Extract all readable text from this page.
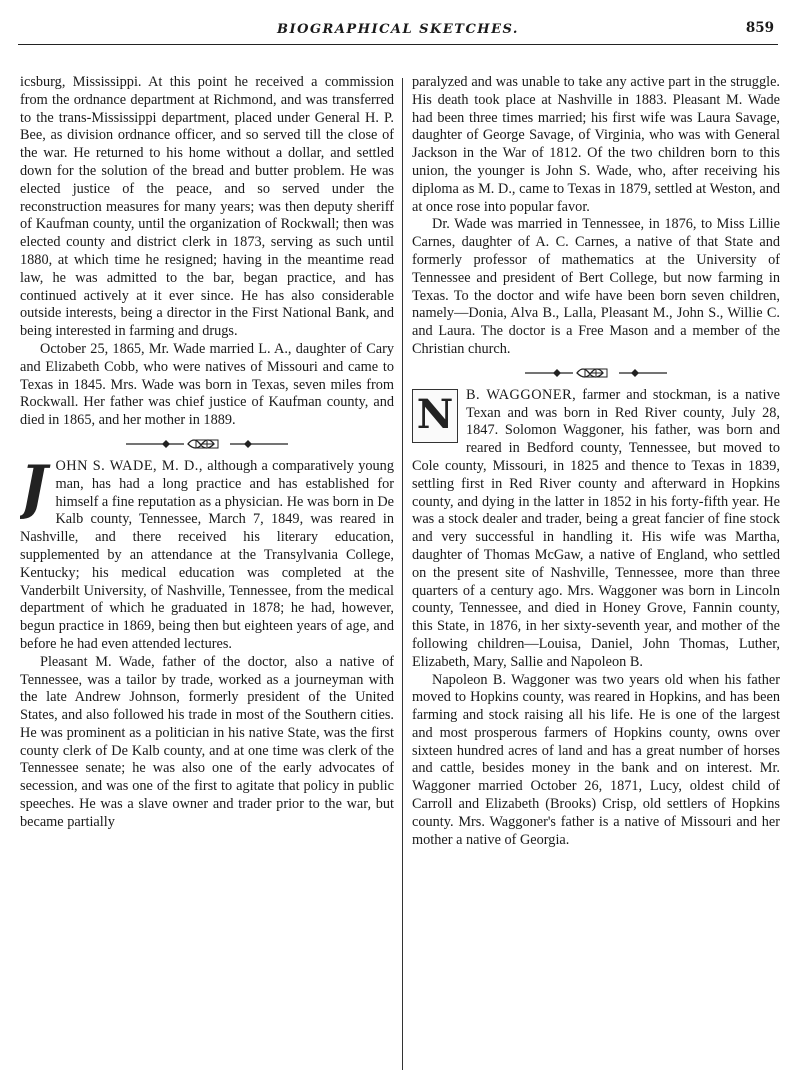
BIOGRAPHICAL SKETCHES.	859

icsburg, Mississippi. At this point he received a commission from the ordnance department at Richmond, and was transferred to the trans-Mississippi department, placed under General H. P. Bee, as division ordnance officer, and so served till the close of the war. He returned to his home without a dollar, and settled down for the solution of the bread and butter problem. He was elected justice of the peace, and so served under the reconstruction measures for many years; was then deputy sheriff of Kaufman county, until the organization of Rockwall; then was elected county and district clerk in 1873, serving as such until 1880, at which time he resigned; having in the meantime read law, he was admitted to the bar, began practice, and has continued actively at it ever since. He has also considerable outside interests, being a director in the First National Bank, and being interested in farming and drugs.

October 25, 1865, Mr. Wade married L. A., daughter of Cary and Elizabeth Cobb, who were natives of Missouri and came to Texas in 1845. Mrs. Wade was born in Texas, seven miles from Rockwall. Her father was chief justice of Kaufman county, and died in 1865, and her mother in 1889.

JOHN S. WADE, M. D., although a comparatively young man, has had a long practice and has established for himself a fine reputation as a physician. He was born in De Kalb county, Tennessee, March 7, 1849, was reared in Nashville, and there received his literary education, supplemented by an attendance at the Transylvania College, Kentucky; his medical education was completed at the Vanderbilt University, of Nashville, Tennessee, from the medical department of which he graduated in 1878; he had, however, begun practice in 1869, being then but eighteen years of age, and before he had even attended lectures.

Pleasant M. Wade, father of the doctor, also a native of Tennessee, was a tailor by trade, worked as a journeyman with the late Andrew Johnson, formerly president of the United States, and also followed his trade in most of the Southern cities. He was prominent as a politician in his native State, was the first county clerk of De Kalb county, and at one time was clerk of the Tennessee senate; he was also one of the early advocates of secession, and was one of the first to agitate that policy in public speeches. He was a slave owner and trader prior to the war, but became partially

paralyzed and was unable to take any active part in the struggle. His death took place at Nashville in 1883. Pleasant M. Wade had been three times married; his first wife was Laura Savage, daughter of George Savage, of Virginia, who was with General Jackson in the War of 1812. Of the two children born to this union, the younger is John S. Wade, who, after receiving his diploma as M. D., came to Texas in 1879, settled at Weston, and at once rose into popular favor.

Dr. Wade was married in Tennessee, in 1876, to Miss Lillie Carnes, daughter of A. C. Carnes, a native of that State and formerly professor of mathematics at the University of Tennessee and president of Bert College, but now farming in Texas. To the doctor and wife have been born seven children, namely—Donia, Alva B., Lalla, Pleasant M., John S., Willie C. and Laura. The doctor is a Free Mason and a member of the Christian church.

N B. WAGGONER, farmer and stockman, is a native Texan and was born in Red River county, July 28, 1847. Solomon Waggoner, his father, was born and reared in Bedford county, Tennessee, but moved to Cole county, Missouri, in 1825 and thence to Texas in 1839, settling first in Red River county and afterward in Hopkins county, and dying in the latter in 1852 in his forty-fifth year. He was a stock dealer and trader, being a great fancier of fine stock and very successful in handling it. His wife was Martha, daughter of Thomas McGaw, a native of England, who settled on the present site of Nashville, Tennessee, more than three quarters of a century ago. Mrs. Waggoner was born in Lincoln county, Tennessee, and died in Honey Grove, Fannin county, this State, in 1876, in her sixty-seventh year, and mother of the following children—Louisa, Daniel, John Thomas, Luther, Elizabeth, Mary, Sallie and Napoleon B.

Napoleon B. Waggoner was two years old when his father moved to Hopkins county, was reared in Hopkins, and has been farming and stock raising all his life. He is one of the largest and most prosperous farmers of Hopkins county, owns over sixteen hundred acres of land and has a great number of horses and cattle, besides money in the bank and on interest. Mr. Waggoner married October 26, 1871, Lucy, oldest child of Carroll and Elizabeth (Brooks) Crisp, old settlers of Hopkins county. Mrs. Waggoner's father is a native of Missouri and her mother a native of Georgia.
